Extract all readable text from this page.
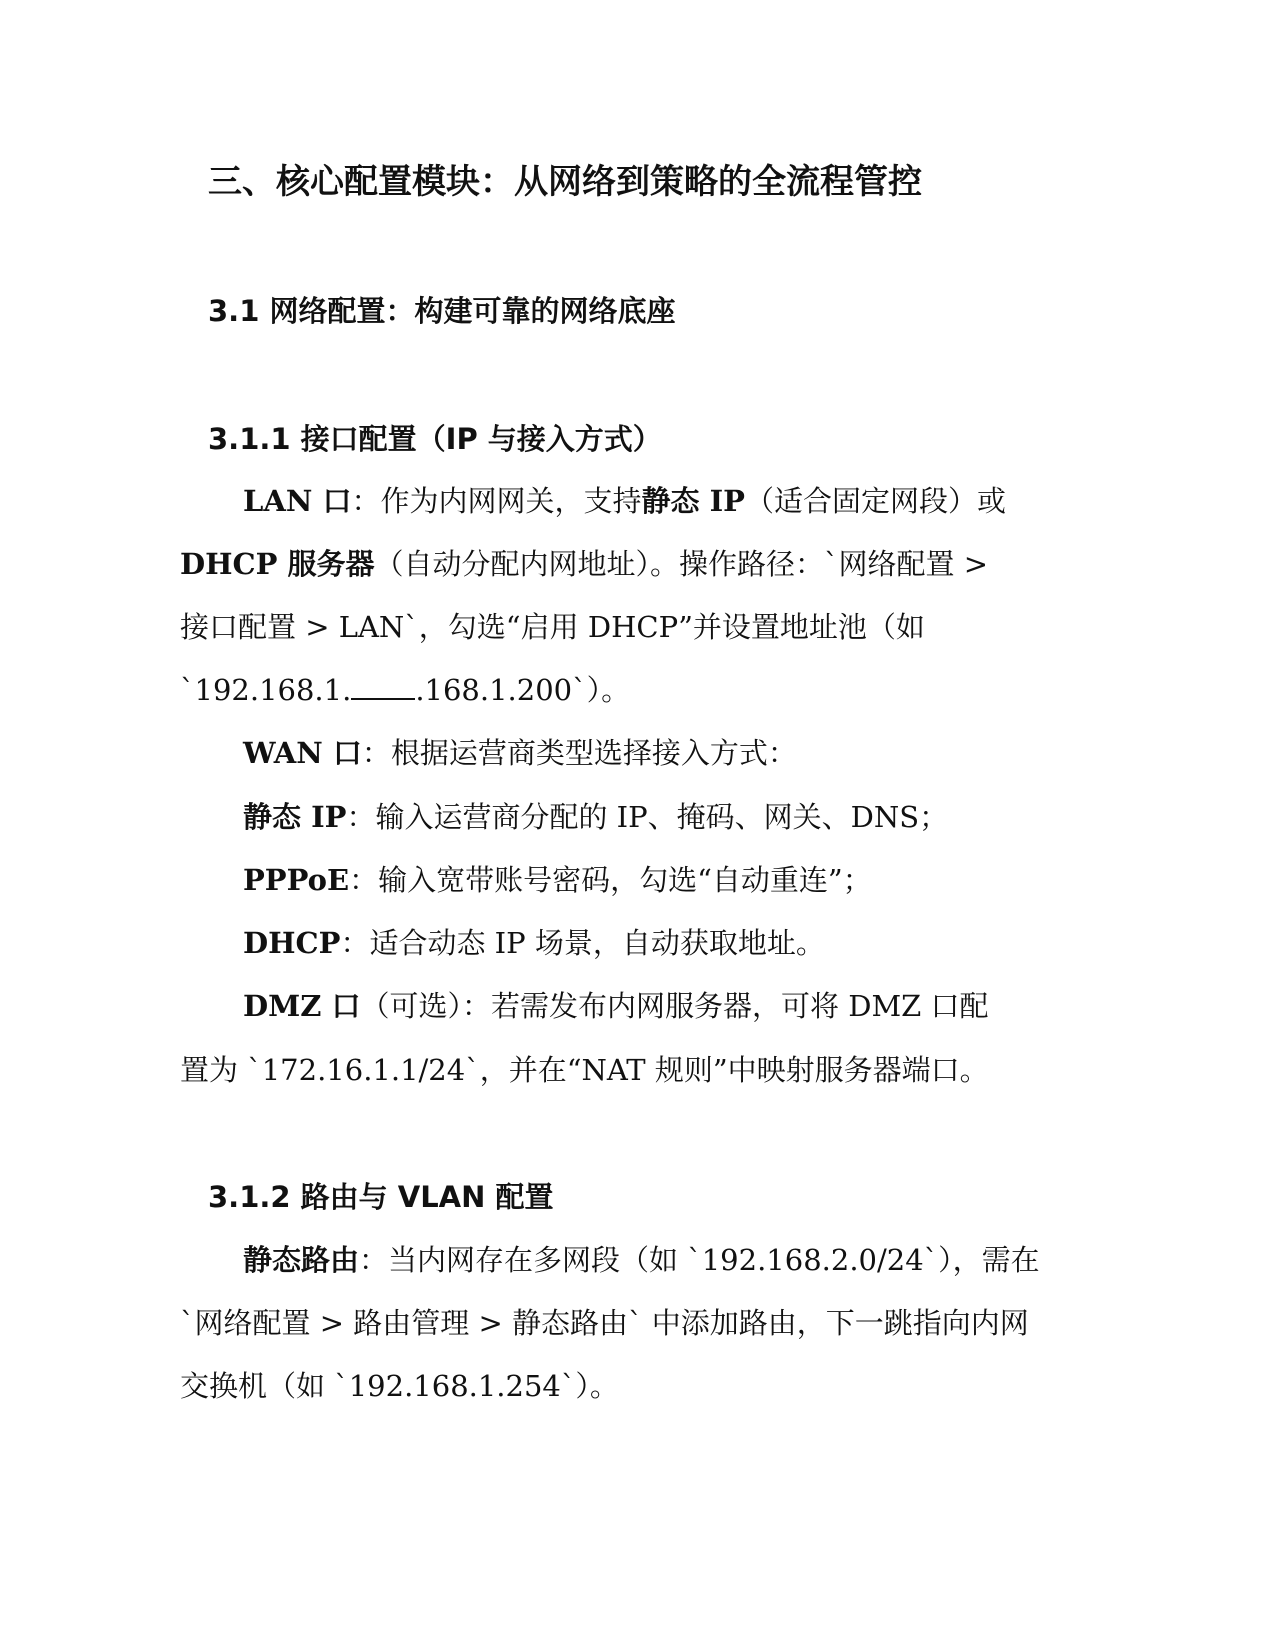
三、核心配置模块：从网络到策略的全流程管控
3.1 网络配置：构建可靠的网络底座
3.1.1 接口配置（IP 与接入方式）
LAN 口：作为内网网关，支持静态 IP（适合固定网段）或
DHCP 服务器（自动分配内网地址）。操作路径：`网络配置 >
接口配置 > LAN`，勾选“启用 DHCP”并设置地址池（如
`192.168.1. .168.1.200`）。
WAN 口：根据运营商类型选择接入方式：
静态 IP：输入运营商分配的 IP、掩码、网关、DNS；
PPPoE：输入宽带账号密码，勾选“自动重连”；
DHCP：适合动态 IP 场景，自动获取地址。
DMZ 口（可选）：若需发布内网服务器，可将 DMZ 口配
置为 `172.16.1.1/24`，并在“NAT 规则”中映射服务器端口。
3.1.2 路由与 VLAN 配置
静态路由：当内网存在多网段（如 `192.168.2.0/24`），需在
`网络配置 > 路由管理 > 静态路由` 中添加路由，下一跳指向内网
交换机（如 `192.168.1.254`）。
